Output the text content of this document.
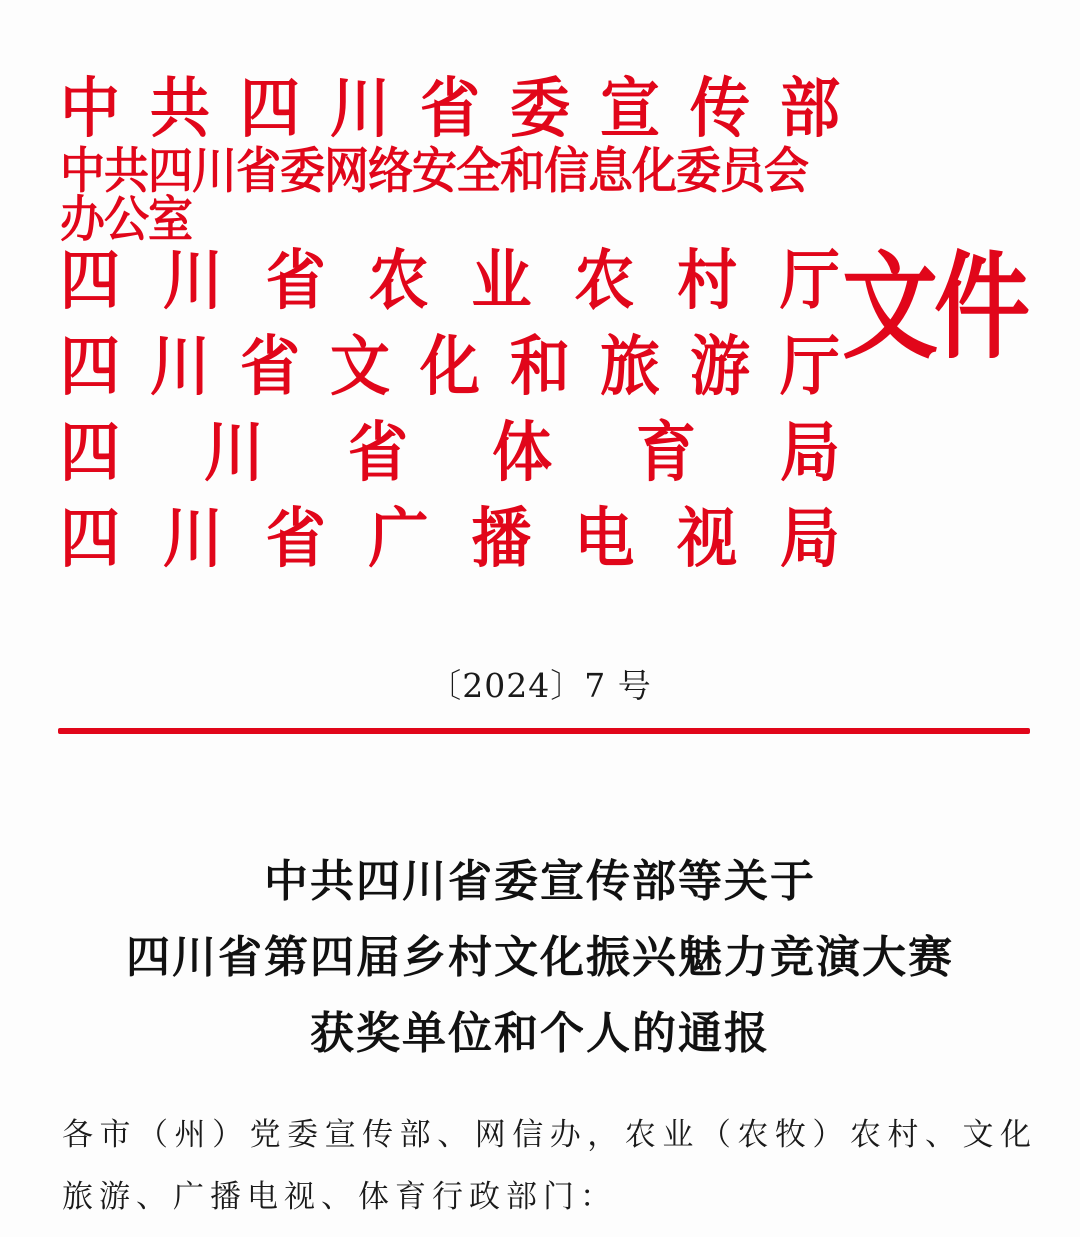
中 共 四 川 省 委 宣 传 部
中共四川省委网络安全和信息化委员会办公室
四 川 省 农 业 农 村 厅
四 川 省 文 化 和 旅 游 厅
四 川 省 体 育 局
四 川 省 广 播 电 视 局
文件
〔2024〕7 号
中共四川省委宣传部等关于
四川省第四届乡村文化振兴魅力竞演大赛
获奖单位和个人的通报
各市（州）党委宣传部、网信办，农业（农牧）农村、文化旅游、广播电视、体育行政部门：
